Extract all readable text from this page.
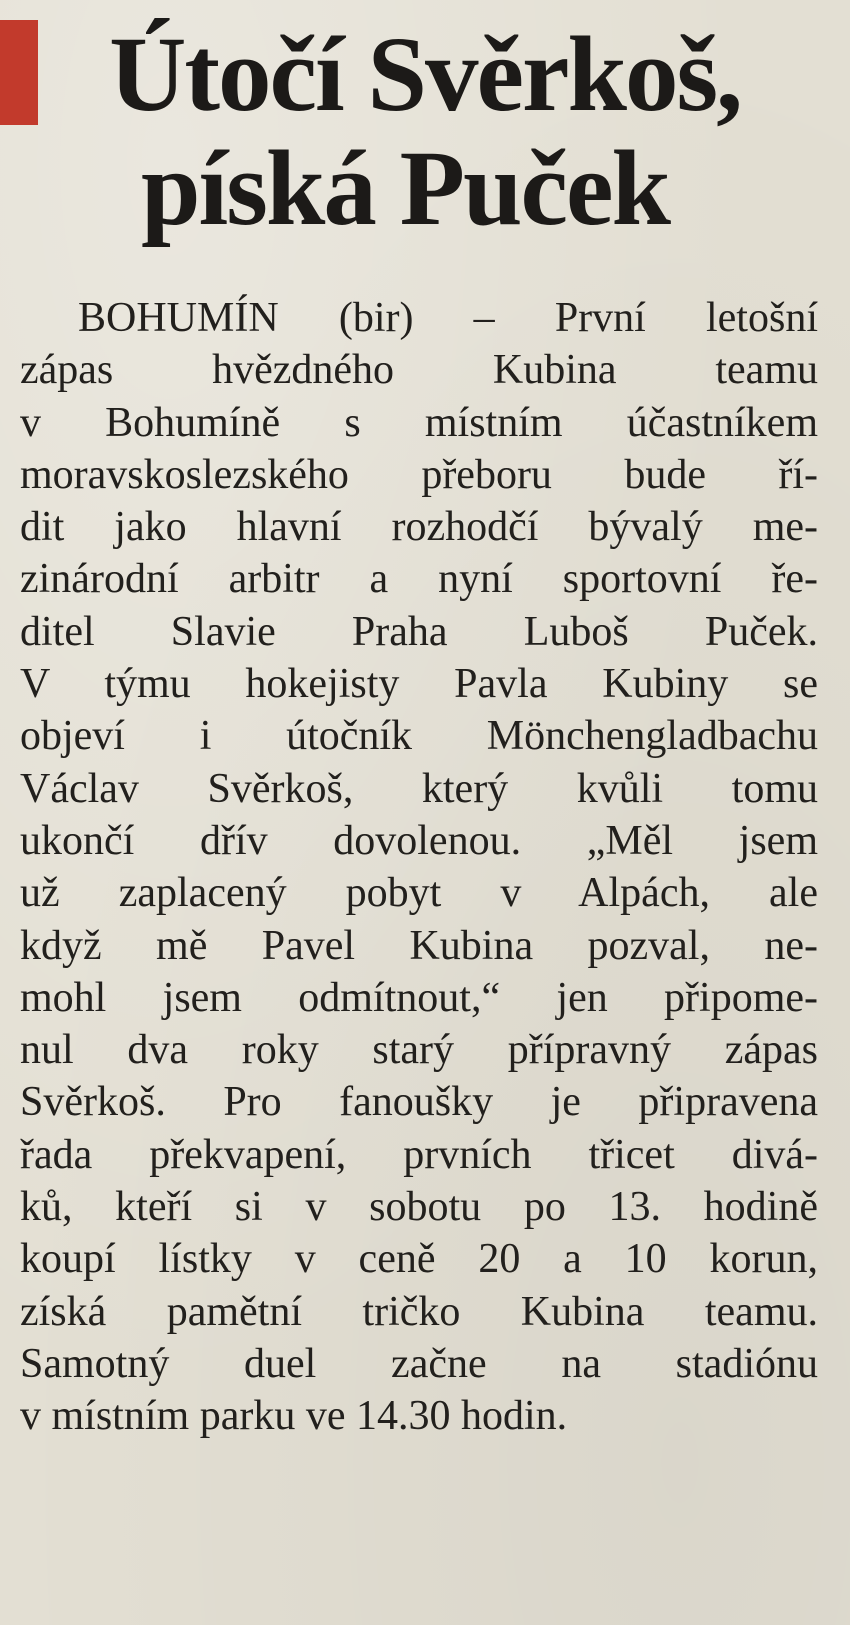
Útočí Svěrkoš,
píská Puček
BOHUMÍN (bir) – První letošní
zápas hvězdného Kubina teamu
v Bohumíně s místním účastníkem
moravskoslezského přeboru bude ří-
dit jako hlavní rozhodčí bývalý me-
zinárodní arbitr a nyní sportovní ře-
ditel Slavie Praha Luboš Puček.
V týmu hokejisty Pavla Kubiny se
objeví i útočník Mönchengladbachu
Václav Svěrkoš, který kvůli tomu
ukončí dřív dovolenou. „Měl jsem
už zaplacený pobyt v Alpách, ale
když mě Pavel Kubina pozval, ne-
mohl jsem odmítnout,“ jen připome-
nul dva roky starý přípravný zápas
Svěrkoš. Pro fanoušky je připravena
řada překvapení, prvních třicet divá-
ků, kteří si v sobotu po 13. hodině
koupí lístky v ceně 20 a 10 korun,
získá pamětní tričko Kubina teamu.
Samotný duel začne na stadiónu
v místním parku ve 14.30 hodin.
